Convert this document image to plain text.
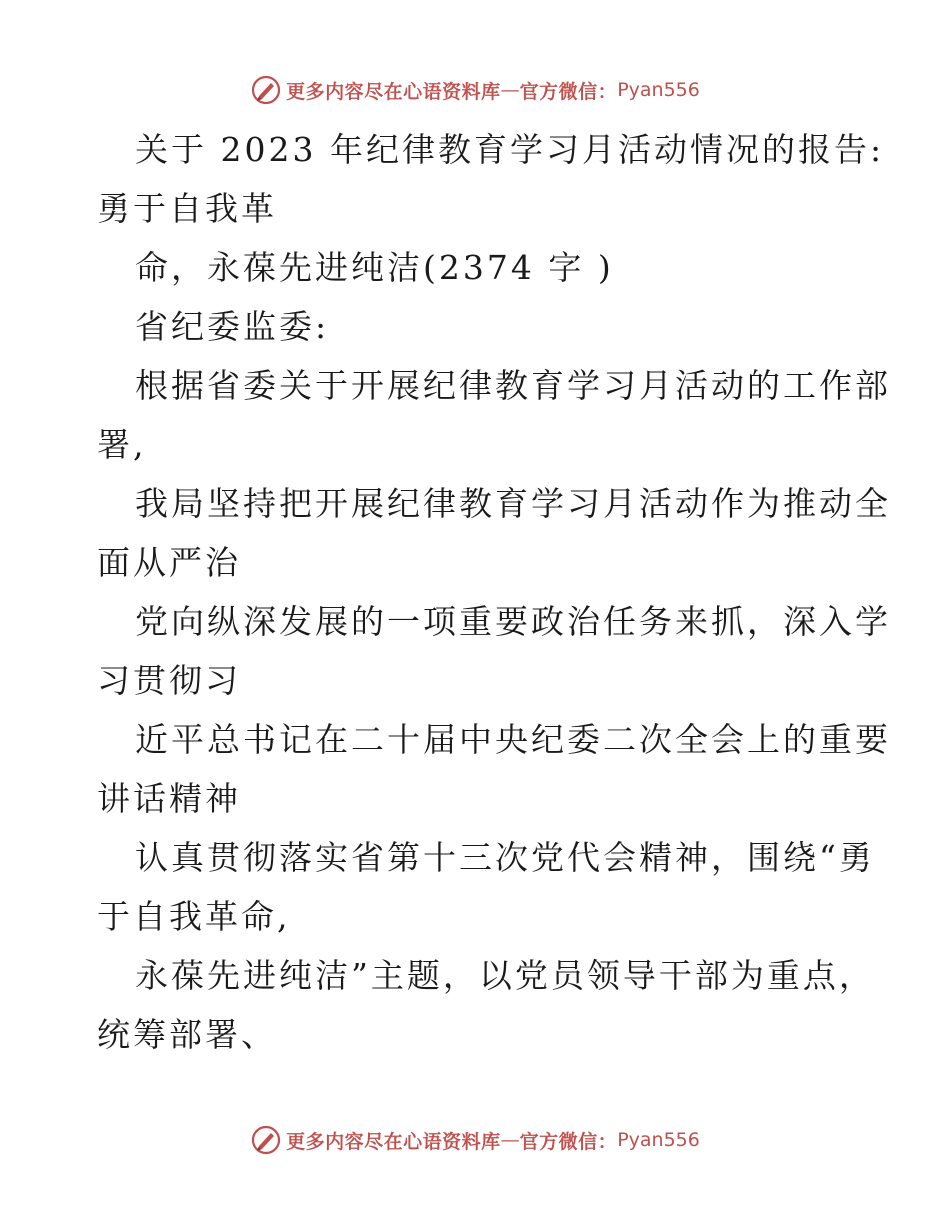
更多内容尽在心语资料库 — 官方微信： Pyan556
关于 2023 年纪律教育学习月活动情况的报告:
勇于自我革
命，永葆先进纯洁(2374 字 )
省纪委监委:
根据省委关于开展纪律教育学习月活动的工作部
署,
我局坚持把开展纪律教育学习月活动作为推动全
面从严治
党向纵深发展的一项重要政治任务来抓，深入学
习贯彻习
近平总书记在二十届中央纪委二次全会上的重要
讲话精神
认真贯彻落实省第十三次党代会精神，围绕“勇
于自我革命,
永葆先进纯洁”主题，以党员领导干部为重点，
统筹部署、
更多内容尽在心语资料库 — 官方微信： Pyan556
